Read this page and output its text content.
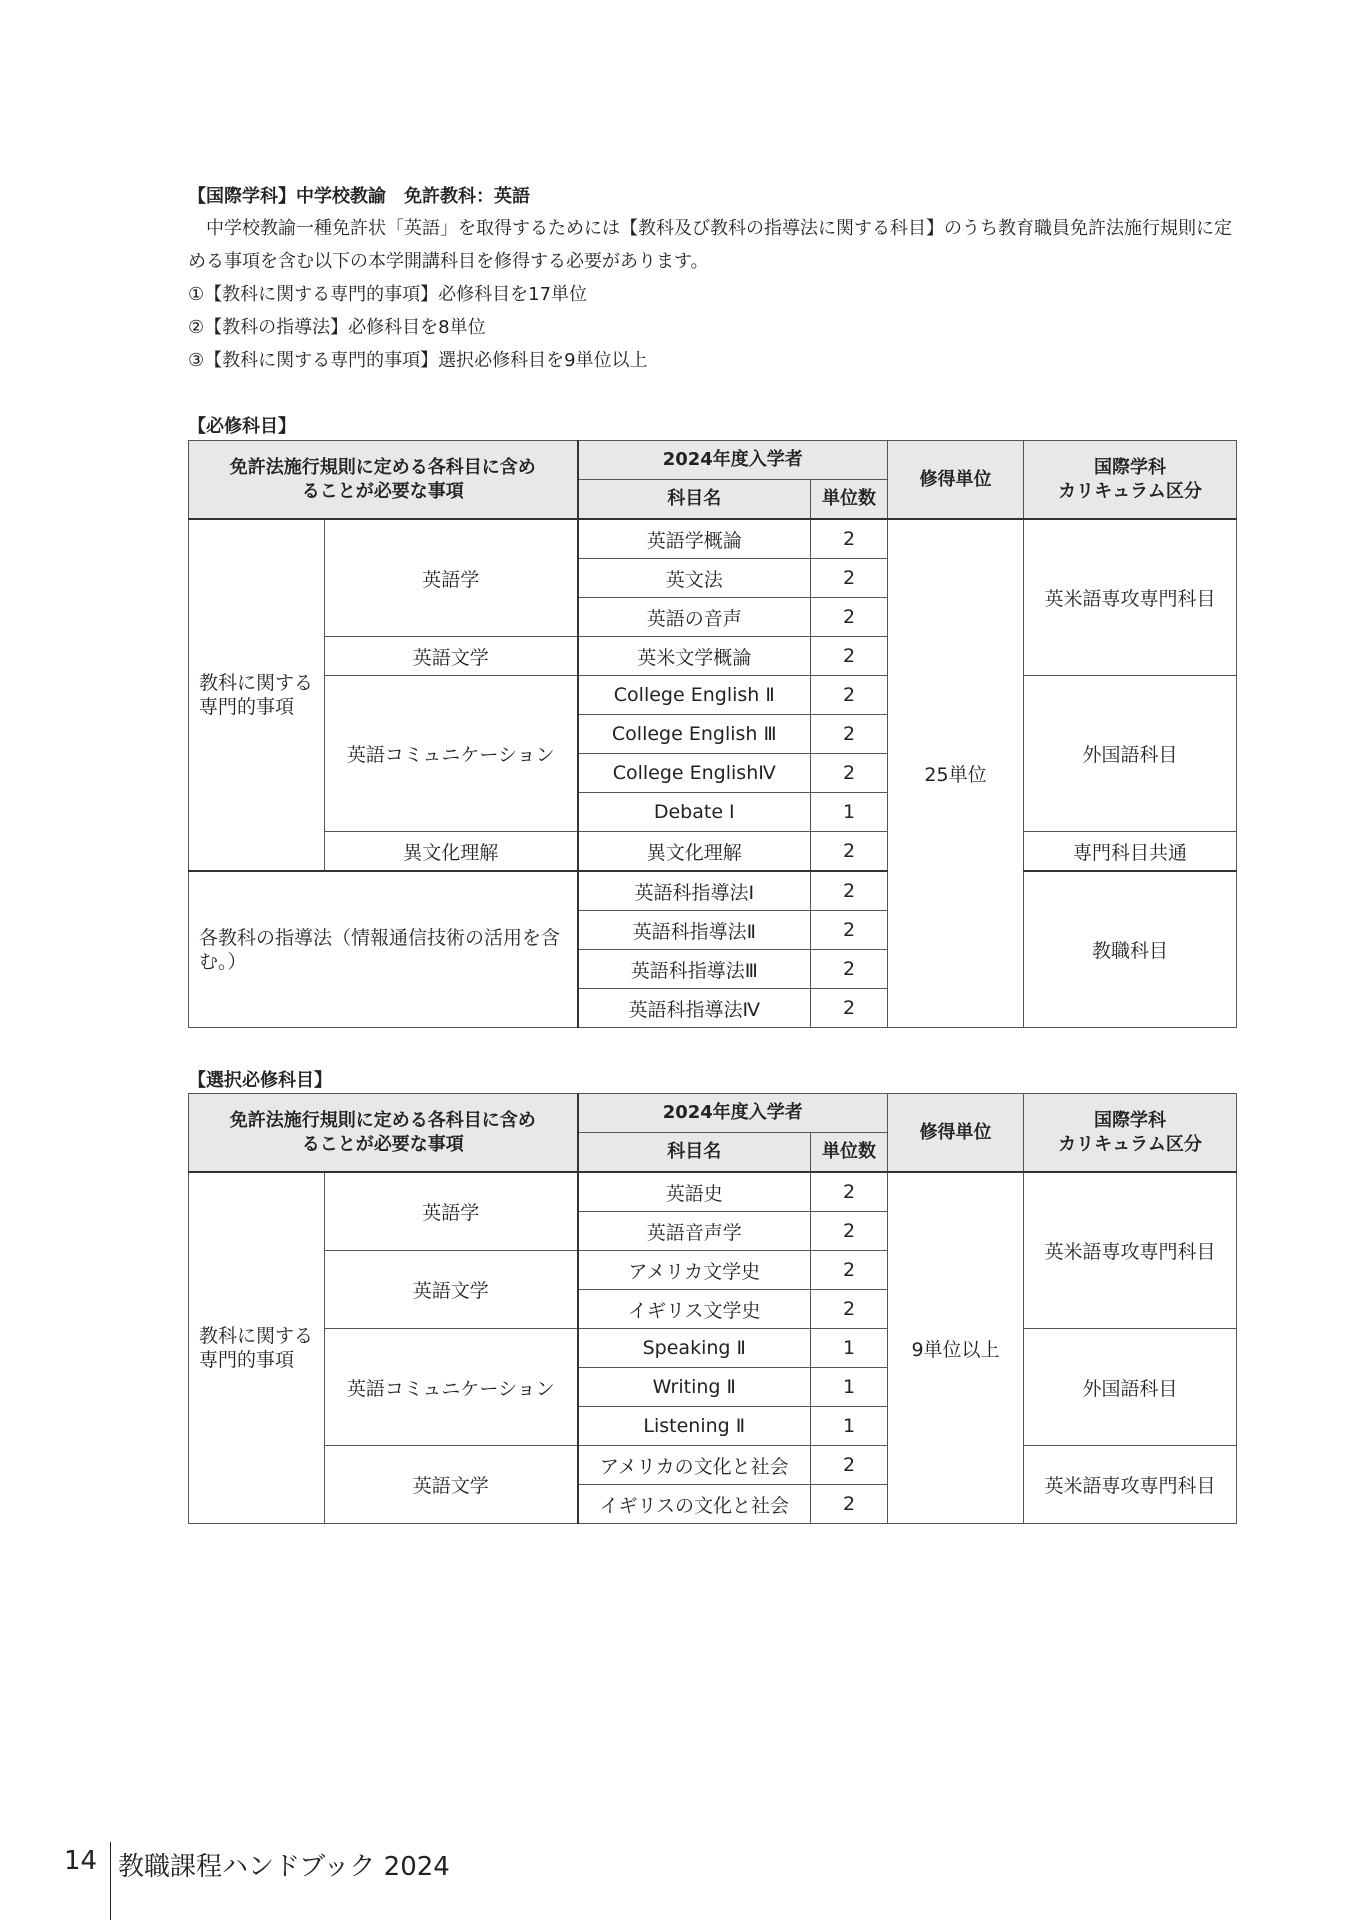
【国際学科】中学校教諭　免許教科：英語
中学校教諭一種免許状「英語」を取得するためには【教科及び教科の指導法に関する科目】のうち教育職員免許法施行規則に定める事項を含む以下の本学開講科目を修得する必要があります。
①【教科に関する専門的事項】必修科目を17単位
②【教科の指導法】必修科目を8単位
③【教科に関する専門的事項】選択必修科目を9単位以上
【必修科目】
免許法施行規則に定める各科目に含めることが必要な事項		2024年度入学者		修得単位	国際学科
カリキュラム区分
		科目名	単位数		
教科に関する専門的事項	英語学	英語学概論	2	25単位	英米語専攻専門科目
		英文法	2		
		英語の音声	2		
	英語文学	英米文学概論	2		
	英語コミュニケーション	College English Ⅱ	2		外国語科目
		College English Ⅲ	2		
		College EnglishⅣ	2		
		Debate Ⅰ	1		
	異文化理解	異文化理解	2		専門科目共通
各教科の指導法（情報通信技術の活用を含む。）		英語科指導法Ⅰ	2		教職科目
		英語科指導法Ⅱ	2		
		英語科指導法Ⅲ	2		
		英語科指導法Ⅳ	2		
【選択必修科目】
免許法施行規則に定める各科目に含めることが必要な事項		2024年度入学者		修得単位	国際学科
カリキュラム区分
		科目名	単位数		
教科に関する専門的事項	英語学	英語史	2	9単位以上	英米語専攻専門科目
		英語音声学	2		
	英語文学	アメリカ文学史	2		
		イギリス文学史	2		
	英語コミュニケーション	Speaking Ⅱ	1		外国語科目
		Writing Ⅱ	1		
		Listening Ⅱ	1		
	英語文学	アメリカの文化と社会	2		英米語専攻専門科目
		イギリスの文化と社会	2		
14 教職課程ハンドブック 2024
